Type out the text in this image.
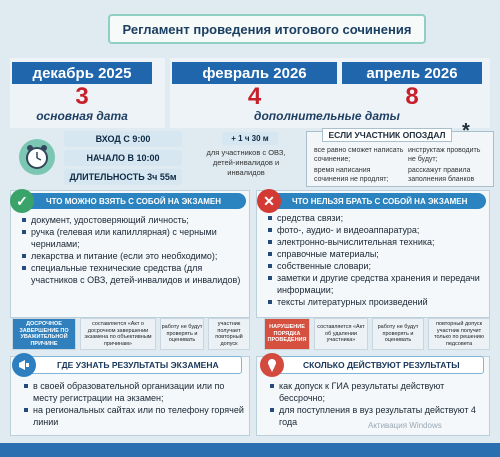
Регламент проведения итогового сочинения
декабрь 2025
3
основная дата
февраль 2026
4
апрель 2026
8
дополнительные даты
ВХОД С 9:00
НАЧАЛО В 10:00
ДЛИТЕЛЬНОСТЬ 3ч 55м
+ 1 ч 30 м
для участников с ОВЗ, детей-инвалидов и инвалидов
ЕСЛИ УЧАСТНИК ОПОЗДАЛ *
все равно сможет написать сочинение;
время написания сочинения не продлят;
инструктаж проводить не будут;
расскажут правила заполнения бланков
ЧТО МОЖНО ВЗЯТЬ С СОБОЙ НА ЭКЗАМЕН
✓
документ, удостоверяющий личность;
ручка (гелевая или капиллярная) с черными чернилами;
лекарства и питание (если это необходимо);
специальные технические средства (для участников с ОВЗ, детей-инвалидов и инвалидов)
ЧТО НЕЛЬЗЯ БРАТЬ С СОБОЙ НА ЭКЗАМЕН
✕
средства связи;
фото-, аудио- и видеоаппаратура;
электронно-вычислительная техника;
справочные материалы;
собственные словари;
заметки и другие средства хранения и передачи информации;
тексты литературных произведений
ДОСРОЧНОЕ ЗАВЕРШЕНИЕ ПО УВАЖИТЕЛЬНОЙ ПРИЧИНЕ
составляется «Акт о досрочном завершении экзамена по объективным причинам»
работу не будут проверять и оценивать
участник получает повторный допуск
НАРУШЕНИЕ ПОРЯДКА ПРОВЕДЕНИЯ
составляется «Акт об удалении участника»
работу не будут проверять и оценивать
повторный допуск участник получит только по решению педсовета
ГДЕ УЗНАТЬ РЕЗУЛЬТАТЫ ЭКЗАМЕНА
в своей образовательной организации или по месту регистрации на экзамен;
на региональных сайтах или по телефону горячей линии
СКОЛЬКО ДЕЙСТВУЮТ РЕЗУЛЬТАТЫ
как допуск к ГИА результаты действуют бессрочно;
для поступления в вуз результаты действуют 4 года	Активация Windows
